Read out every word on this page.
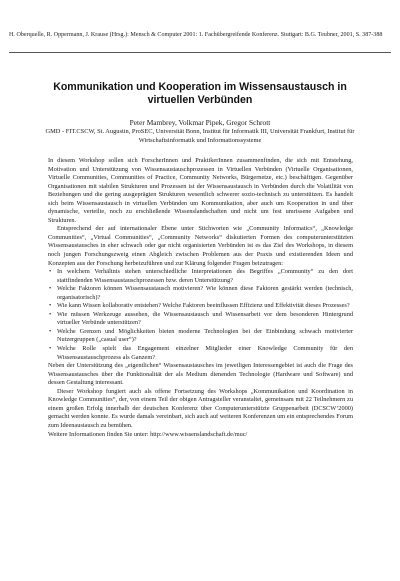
H. Oberquelle, R. Oppermann, J. Krause (Hrsg.): Mensch & Computer 2001: 1. Fachübergreifende Konferenz. Stuttgart: B.G. Teubner, 2001, S. 387-388
Kommunikation und Kooperation im Wissensaustausch in virtuellen Verbünden
Peter Mambrey, Volkmar Pipek, Gregor Schrott
GMD - FIT.CSCW, St. Augustin, ProSEC, Universität Bonn, Institut für Informatik III, Universität Frankfurt, Institut für Wirtschaftsinformatik und Informationssysteme

In diesem Workshop sollen sich ForscherInnen und PraktikerInnen zusammenfinden, die sich mit Entstehung, Motivation und Unterstützung von Wissensaustauschprozessen in Virtuellen Verbünden (Virtuelle Organisationen, Virtuelle Communities, Communities of Practice, Community Networks, Bürgernetze, etc.) beschäftigen. Gegenüber Organisationen mit stabilen Strukturen und Prozessen ist der Wissensaustausch in Verbünden durch die Volatilität von Beziehungen und die gering ausgeprägten Strukturen wesentlich schwerer sozio-technisch zu unterstützen. Es handelt sich beim Wissensaustausch in virtuellen Verbünden um Kommunikation, aber auch um Kooperation in und über dynamische, verteilte, noch zu erschließende Wissenslandschaften und nicht um fest umrissene Aufgaben und Strukturen.

Entsprechend der auf internationaler Ebene unter Stichworten wie „Community Informatics“, „Knowledge Communities“, „Virtual Communities“, „Community Networks“ diskutierten Formen des computerunterstützten Wissensaustausches in eher schwach oder gar nicht organisierten Verbünden ist es das Ziel des Workshops, in diesem noch jungen Forschungszweig einen Abgleich zwischen Problemen aus der Praxis und existierenden Ideen und Konzepten aus der Forschung herbeizuführen und zur Klärung folgender Fragen beizutragen:

• In welchem Verhältnis stehen unterschiedliche Interpretationen des Begriffes „Community“ zu den dort stattfindenden Wissensaustauschprozessen bzw. deren Unterstützung?
• Welche Faktoren können Wissensaustausch motivieren? Wie können diese Faktoren gestärkt werden (technisch, organisatorisch)?
• Wie kann Wissen kollaborativ entstehen? Welche Faktoren beeinflussen Effizienz und Effektivität dieses Prozesses?
• Wie müssen Werkzeuge aussehen, die Wissensaustausch und Wissensarbeit vor dem besonderen Hintergrund virtueller Verbünde unterstützen?
• Welche Grenzen und Möglichkeiten bieten moderne Technologien bei der Einbindung schwach motivierter Nutzergruppen („casual user“)?
• Welche Rolle spielt das Engagement einzelner Mitglieder einer Knowledge Community für den Wissensaustauschprozess als Ganzem?

Neben der Unterstützung des „eigentlichen“ Wissensaustausches im jeweiligen Interessengebiet ist auch die Frage des Wissensaustausches über die Funktionalität der als Medium dienenden Technologie (Hardware und Software) und dessen Gestaltung interessant.

Dieser Workshop fungiert auch als offene Fortsetzung des Workshops „Kommunikation und Koordination in Knowledge Communities“, der, von einem Teil der obigen Antragsteller veranstaltet, gemeinsam mit 22 Teilnehmern zu einem großen Erfolg innerhalb der deutschen Konferenz über Computerunterstützte Gruppenarbeit (DCSCW’2000) gemacht werden konnte. Es wurde damals vereinbart, sich auch auf weiteren Konferenzen um ein entsprechendes Forum zum Ideenaustausch zu bemühen.

Weitere Informationen finden Sie unter: http://www.wissenslandschaft.de/muc/
